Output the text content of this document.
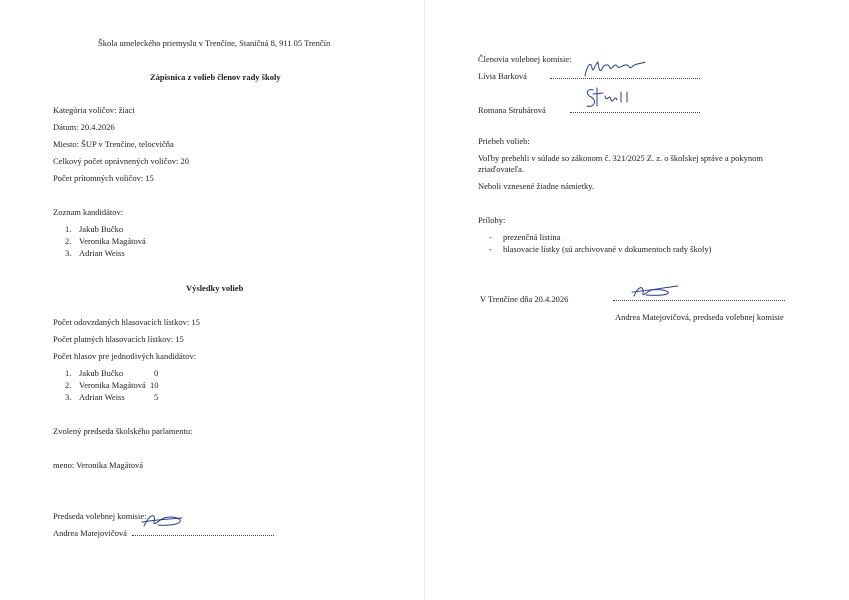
Škola umeleckého priemyslu v Trenčíne, Staničná 8, 911 05 Trenčín
Zápisnica z volieb členov rady školy
Kategória voličov: žiaci
Dátum: 20.4.2026
Miesto: ŠUP v Trenčíne, telocvičňa
Celkový počet oprávnených voličov: 20
Počet prítomných voličov: 15
Zoznam kandidátov:
1. Jakub Bučko
2. Veronika Magátová
3. Adrian Weiss
Výsledky volieb
Počet odovzdaných hlasovacích lístkov: 15
Počet platných hlasovacích lístkov: 15
Počet hlasov pre jednotlivých kandidátov:
1. Jakub Bučko	0
2. Veronika Magátová 10
3. Adrian Weiss	5
Zvolený predseda školského parlamentu:
meno: Veronika Magátová
Predseda volebnej komisie:
Andrea Matejovičová
Členovia volebnej komisie:
Lívia Barková
Romana Struhárová
Priebeh volieb:
Voľby prebehli v súlade so zákonom č. 321/2025 Z. z. o školskej správe a pokynom
zriaďovateľa.
Neboli vznesené žiadne námietky.
Prílohy:
- prezenčná listina
- hlasovacie lístky (sú archivované v dokumentoch rady školy)
V Trenčíne dňa 20.4.2026
Andrea Matejovičová, predseda volebnej komisie
